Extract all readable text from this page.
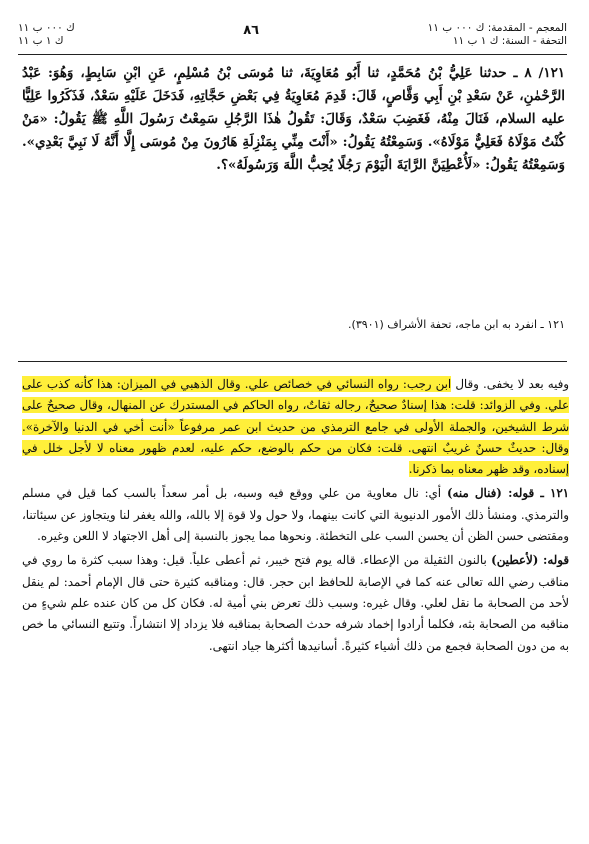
المعجم - المقدمة: ك ٠٠٠ ب ١١
التحفة - السنة: ك ١ ب ١١
٨٦
ك ٠٠٠ ب ١١
ك ١ ب ١١

١٢١/ ٨ ـ حدثنا عَلِيُّ بْنُ مُحَمَّدٍ، ثنا أَبُو مُعَاوِيَةَ، ثنا مُوسَى بْنُ مُسْلِمٍ، عَنِ ابْنِ سَابِطٍ، وَهُوَ: عَبْدُ الرَّحْمٰنِ، عَنْ سَعْدِ بْنِ أَبِي وَقَّاصٍ، قَالَ: قَدِمَ مُعَاوِيَةُ فِي بَعْضِ حَجَّاتِهِ، فَدَخَلَ عَلَيْهِ سَعْدٌ، فَذَكَرُوا عَلِيًّا عليه السلام، فَنَالَ مِنْهُ، فَغَضِبَ سَعْدٌ، وَقَالَ: تَقُولُ هٰذَا الرَّجُلِ سَمِعْتُ رَسُولَ اللَّهِ ﷺ يَقُولُ: «مَنْ كُنْتُ مَوْلَاهُ فَعَلِيٌّ مَوْلَاهُ». وَسَمِعْتُهُ يَقُولُ: «أَنْتَ مِنِّي بِمَنْزِلَةِ هَارُونَ مِنْ مُوسَى إِلَّا أَنَّهُ لَا نَبِيَّ بَعْدِي». وَسَمِعْتُهُ يَقُولُ: «لَأُعْطِيَنَّ الرَّايَةَ الْيَوْمَ رَجُلًا يُحِبُّ اللَّهَ وَرَسُولَهُ»؟.

١٢١ ـ انفرد به ابن ماجه، تحفة الأشراف (٣٩٠١).

وفيه بعد لا يخفى. وقال ابن رجب: رواه النسائي في خصائص علي. وقال الذهبي في الميزان: هذا كأنه كذب على علي. وفي الزوائد: قلت: هذا إسنادٌ صحيحٌ، رجاله ثقاتٌ، رواه الحاكم في المستدرك عن المنهال، وقال صحيحٌ على شرط الشيخين، والجملة الأولى في جامع الترمذي من حديث ابن عمر مرفوعاً «أنت أخي في الدنيا والآخرة». وقال: حديثٌ حسنٌ غريبٌ انتهى. قلت: فكان من حكم بالوضع، حكم عليه، لعدم ظهور معناه لا لأجل خلل في إسناده، وقد ظهر معناه بما ذكرنا.

١٢١ ـ قوله: (فنال منه) أي: نال معاوية من علي ووقع فيه وسبه، بل أمر سعداً بالسب كما قيل في مسلم والترمذي. ومنشأ ذلك الأمور الدنيوية التي كانت بينهما، ولا حول ولا قوة إلا بالله، والله يغفر لنا ويتجاوز عن سيئاتنا، ومقتضى حسن الظن أن يحسن السب على التخطئة. ونحوها مما يجوز بالنسبة إلى أهل الاجتهاد لا اللعن وغيره.

قوله: (لأعطين) بالنون الثقيلة من الإعطاء. قاله يوم فتح خيبر، ثم أعطى علياً. قيل: وهذا سبب كثرة ما روي في مناقب رضي الله تعالى عنه كما في الإصابة للحافظ ابن حجر. قال: ومناقبه كثيرة حتى قال الإمام أحمد: لم ينقل لأحد من الصحابة ما نقل لعلي. وقال غيره: وسبب ذلك تعرض بني أمية له. فكان كل من كان عنده علم شيءٍ من مناقبه من الصحابة بثه، فكلما أرادوا إخماد شرفه حدث الصحابة بمناقبه فلا يزداد إلا انتشاراً. وتتبع النسائي ما خص به من دون الصحابة فجمع من ذلك أشياء كثيرةً. أسانيدها أكثرها جياد انتهى.
